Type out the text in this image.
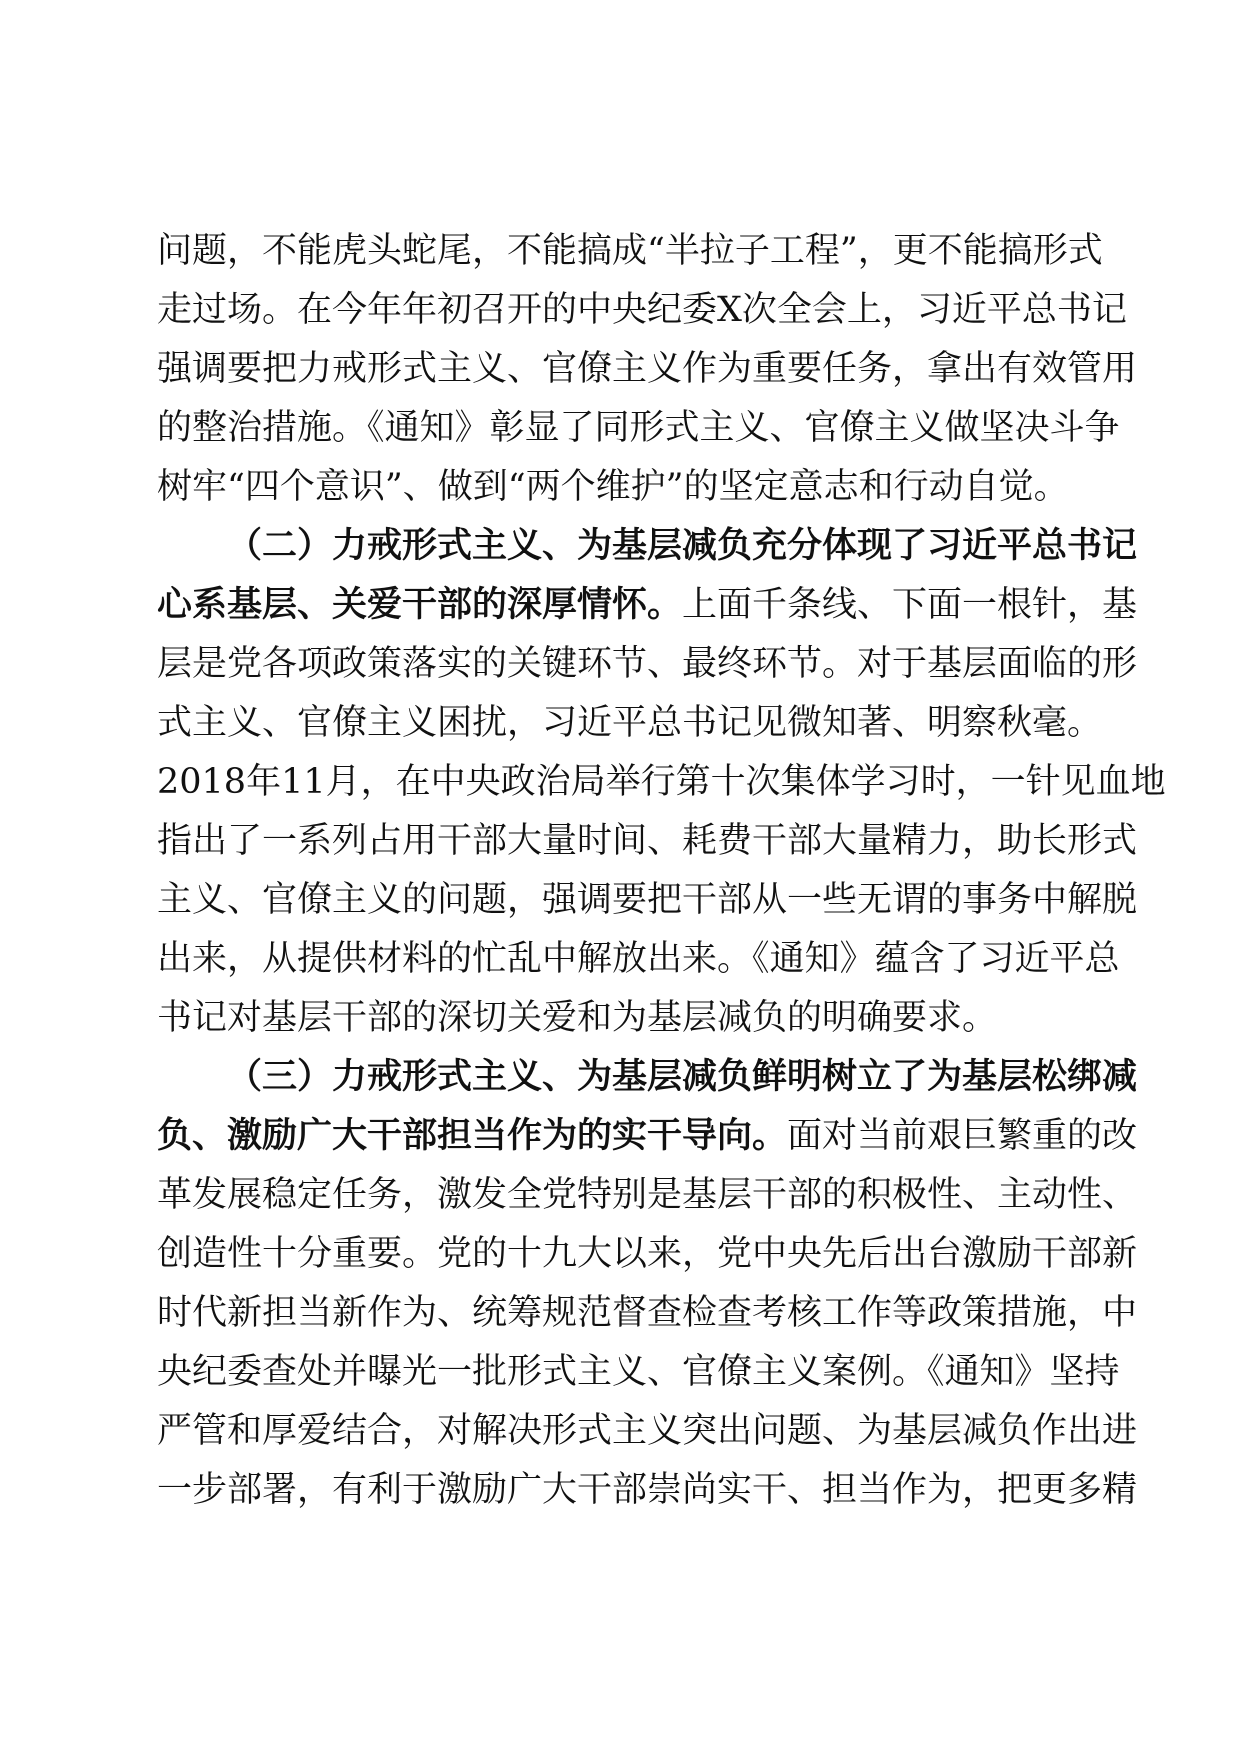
问题，不能虎头蛇尾，不能搞成“半拉子工程”，更不能搞形式
走过场。在今年年初召开的中央纪委X次全会上，习近平总书记
强调要把力戒形式主义、官僚主义作为重要任务，拿出有效管用
的整治措施。《通知》彰显了同形式主义、官僚主义做坚决斗争
树牢“四个意识”、做到“两个维护”的坚定意志和行动自觉。
（二）力戒形式主义、为基层减负充分体现了习近平总书记
心系基层、关爱干部的深厚情怀。上面千条线、下面一根针，基
层是党各项政策落实的关键环节、最终环节。对于基层面临的形
式主义、官僚主义困扰，习近平总书记见微知著、明察秋毫。
2018年11月，在中央政治局举行第十次集体学习时，一针见血地
指出了一系列占用干部大量时间、耗费干部大量精力，助长形式
主义、官僚主义的问题，强调要把干部从一些无谓的事务中解脱
出来，从提供材料的忙乱中解放出来。《通知》蕴含了习近平总
书记对基层干部的深切关爱和为基层减负的明确要求。
（三）力戒形式主义、为基层减负鲜明树立了为基层松绑减
负、激励广大干部担当作为的实干导向。面对当前艰巨繁重的改
革发展稳定任务，激发全党特别是基层干部的积极性、主动性、
创造性十分重要。党的十九大以来，党中央先后出台激励干部新
时代新担当新作为、统筹规范督查检查考核工作等政策措施，中
央纪委查处并曝光一批形式主义、官僚主义案例。《通知》坚持
严管和厚爱结合，对解决形式主义突出问题、为基层减负作出进
一步部署，有利于激励广大干部崇尚实干、担当作为，把更多精
